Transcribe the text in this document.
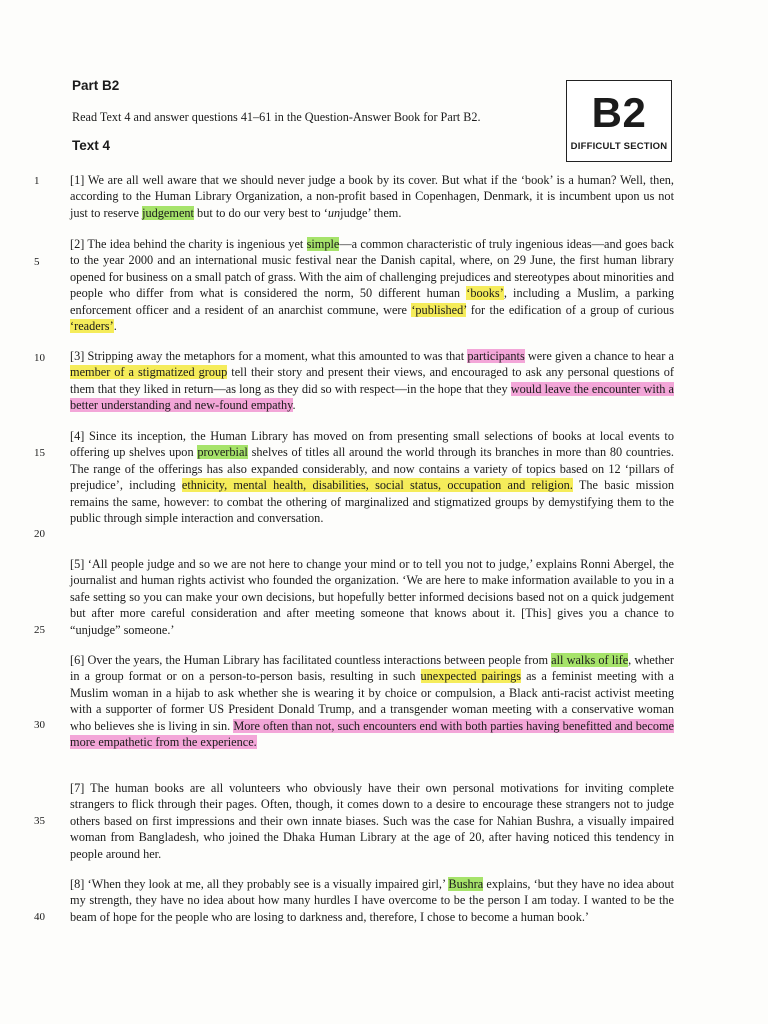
Part B2
Read Text 4 and answer questions 41–61 in the Question-Answer Book for Part B2.
Text 4
B2
DIFFICULT SECTION
1
5
10
15
20
25
30
35
40

[1] We are all well aware that we should never judge a book by its cover. But what if the ‘book’ is a human? Well, then, according to the Human Library Organization, a non-profit based in Copenhagen, Denmark, it is incumbent upon us not just to reserve judgement but to do our very best to ‘unjudge’ them.

[2] The idea behind the charity is ingenious yet simple—a common characteristic of truly ingenious ideas—and goes back to the year 2000 and an international music festival near the Danish capital, where, on 29 June, the first human library opened for business on a small patch of grass. With the aim of challenging prejudices and stereotypes about minorities and people who differ from what is considered the norm, 50 different human ‘books’, including a Muslim, a parking enforcement officer and a resident of an anarchist commune, were ‘published’ for the edification of a group of curious ‘readers’.

[3] Stripping away the metaphors for a moment, what this amounted to was that participants were given a chance to hear a member of a stigmatized group tell their story and present their views, and encouraged to ask any personal questions of them that they liked in return—as long as they did so with respect—in the hope that they would leave the encounter with a better understanding and new-found empathy.

[4] Since its inception, the Human Library has moved on from presenting small selections of books at local events to offering up shelves upon proverbial shelves of titles all around the world through its branches in more than 80 countries. The range of the offerings has also expanded considerably, and now contains a variety of topics based on 12 ‘pillars of prejudice’, including ethnicity, mental health, disabilities, social status, occupation and religion. The basic mission remains the same, however: to combat the othering of marginalized and stigmatized groups by demystifying them to the public through simple interaction and conversation.

[5] ‘All people judge and so we are not here to change your mind or to tell you not to judge,’ explains Ronni Abergel, the journalist and human rights activist who founded the organization. ‘We are here to make information available to you in a safe setting so you can make your own decisions, but hopefully better informed decisions based not on a quick judgement but after more careful consideration and after meeting someone that knows about it. [This] gives you a chance to “unjudge” someone.’

[6] Over the years, the Human Library has facilitated countless interactions between people from all walks of life, whether in a group format or on a person-to-person basis, resulting in such unexpected pairings as a feminist meeting with a Muslim woman in a hijab to ask whether she is wearing it by choice or compulsion, a Black anti-racist activist meeting with a supporter of former US President Donald Trump, and a transgender woman meeting with a conservative woman who believes she is living in sin. More often than not, such encounters end with both parties having benefitted and become more empathetic from the experience.

[7] The human books are all volunteers who obviously have their own personal motivations for inviting complete strangers to flick through their pages. Often, though, it comes down to a desire to encourage these strangers not to judge others based on first impressions and their own innate biases. Such was the case for Nahian Bushra, a visually impaired woman from Bangladesh, who joined the Dhaka Human Library at the age of 20, after having noticed this tendency in people around her.

[8] ‘When they look at me, all they probably see is a visually impaired girl,’ Bushra explains, ‘but they have no idea about my strength, they have no idea about how many hurdles I have overcome to be the person I am today. I wanted to be the beam of hope for the people who are losing to darkness and, therefore, I chose to become a human book.’
